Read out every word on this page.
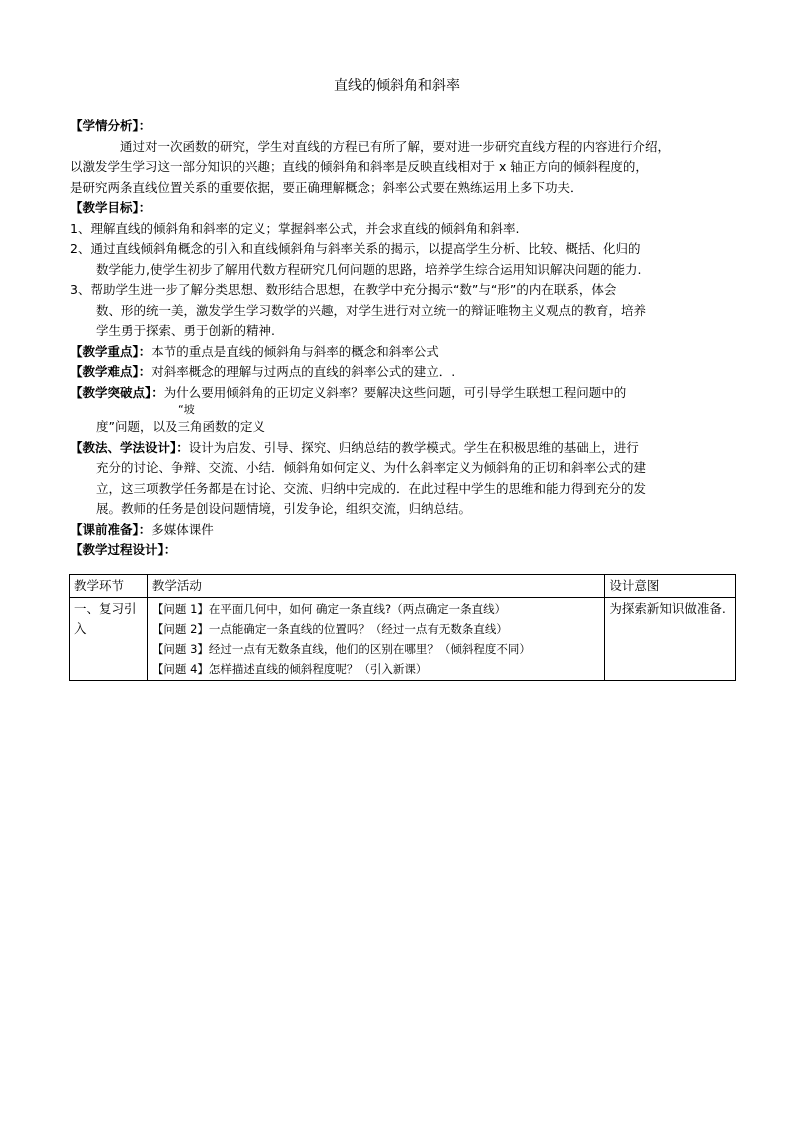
直线的倾斜角和斜率
【学情分析】：
通过对一次函数的研究，学生对直线的方程已有所了解，要对进一步研究直线方程的内容进行介绍，
以激发学生学习这一部分知识的兴趣；直线的倾斜角和斜率是反映直线相对于 x 轴正方向的倾斜程度的，
是研究两条直线位置关系的重要依据，要正确理解概念；斜率公式要在熟练运用上多下功夫．
【教学目标】：
1、理解直线的倾斜角和斜率的定义；掌握斜率公式，并会求直线的倾斜角和斜率.
2、通过直线倾斜角概念的引入和直线倾斜角与斜率关系的揭示，以提高学生分析、比较、概括、化归的
数学能力,使学生初步了解用代数方程研究几何问题的思路，培养学生综合运用知识解决问题的能力.
3、帮助学生进一步了解分类思想、数形结合思想，在教学中充分揭示“数”与“形”的内在联系，体会
数、形的统一美，激发学生学习数学的兴趣，对学生进行对立统一的辩证唯物主义观点的教育，培养
学生勇于探索、勇于创新的精神.
【教学重点】：本节的重点是直线的倾斜角与斜率的概念和斜率公式
【教学难点】：对斜率概念的理解与过两点的直线的斜率公式的建立．.
【教学突破点】：为什么要用倾斜角的正切定义斜率？要解决这些问题，可引导学生联想工程问题中的
“坡
度”问题，以及三角函数的定义
【教法、学法设计】：设计为启发、引导、探究、归纳总结的教学模式。学生在积极思维的基础上，进行
充分的讨论、争辩、交流、小结．倾斜角如何定义、为什么斜率定义为倾斜角的正切和斜率公式的建
立，这三项教学任务都是在讨论、交流、归纳中完成的．在此过程中学生的思维和能力得到充分的发
展。教师的任务是创设问题情境，引发争论，组织交流，归纳总结。
【课前准备】：多媒体课件
【教学过程设计】：
教学环节	教学活动	设计意图
一、复习引入	【问题 1】在平面几何中，如何 确定一条直线?（两点确定一条直线）
【问题 2】一点能确定一条直线的位置吗？（经过一点有无数条直线）
【问题 3】经过一点有无数条直线，他们的区别在哪里？（倾斜程度不同）
【问题 4】怎样描述直线的倾斜程度呢？（引入新课）	为探索新知识做准备.
